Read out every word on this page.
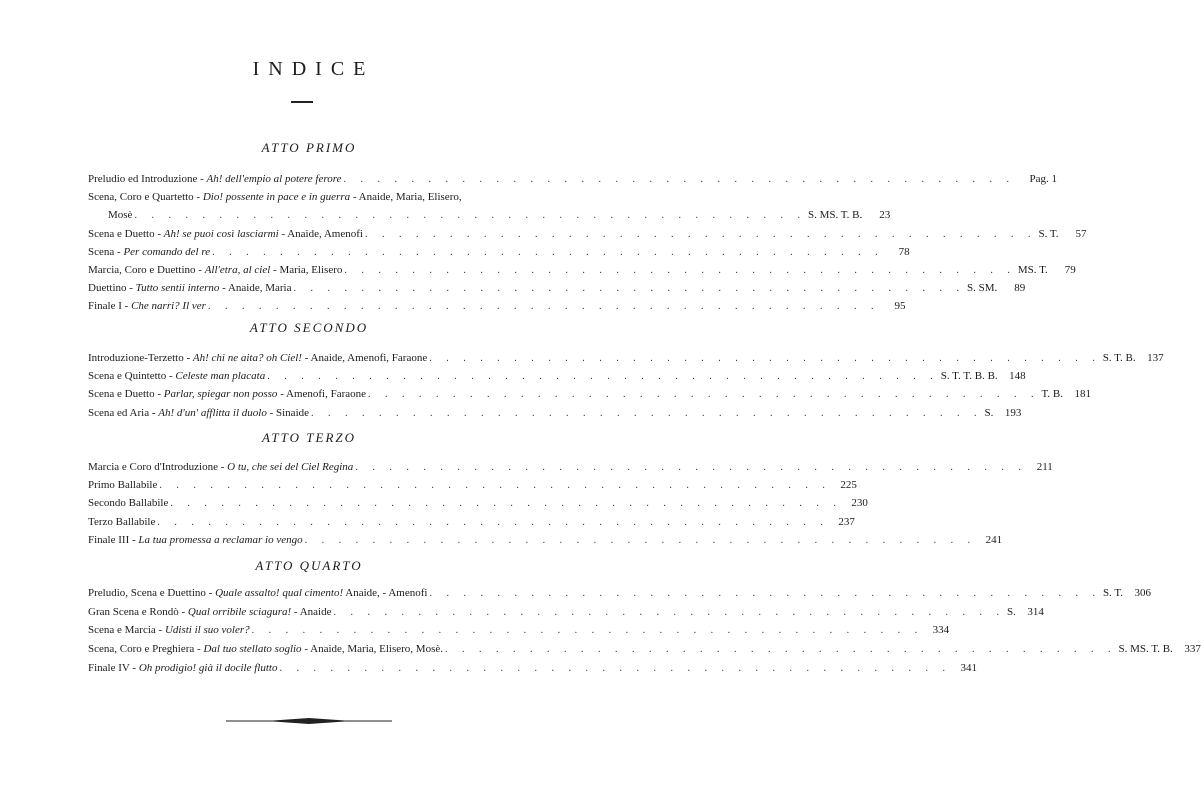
INDICE
ATTO PRIMO
Preludio ed Introduzione - Ah! dell'empio al potere ferore . . . . . . . . . . . . . . . . . . . . . . . . . . . . . . . . . . . . . . . .	Pag. 1
Scena, Coro e Quartetto - Dio! possente in pace e in guerra - Anaide, Maria, Elisero,
Mosè . . . . . . . . . . . . . . . . . . . . . . . . . . . . . . . . . . . . . . . . S. MS. T. B.	23
Scena e Duetto - Ah! se puoi così lasciarmi - Anaide, Amenofi . . . . . . . . . . . . . . . . . . . . . . . . . . . . . . . . . . . . . . . . S. T.	57
Scena - Per comando del re . . . . . . . . . . . . . . . . . . . . . . . . . . . . . . . . . . . . . . . .	78
Marcia, Coro e Duettino - All'etra, al ciel - Maria, Elisero . . . . . . . . . . . . . . . . . . . . . . . . . . . . . . . . . . . . . . . . MS. T.	79
Duettino - Tutto sentii interno - Anaide, Maria . . . . . . . . . . . . . . . . . . . . . . . . . . . . . . . . . . . . . . . . S. SM.	89
Finale I - Che narri? Il ver . . . . . . . . . . . . . . . . . . . . . . . . . . . . . . . . . . . . . . . .	95
ATTO SECONDO
Introduzione-Terzetto - Ah! chi ne aita? oh Ciel! - Anaide, Amenofi, Faraone . . . . . . . . . . . . . . . . . . . . . . . . . . . . . . . . . . . . . . . . S. T. B.	137
Scena e Quintetto - Celeste man placata . . . . . . . . . . . . . . . . . . . . . . . . . . . . . . . . . . . . . . . . S. T. T. B. B.	148
Scena e Duetto - Parlar, spiegar non posso - Amenofi, Faraone . . . . . . . . . . . . . . . . . . . . . . . . . . . . . . . . . . . . . . . . T. B.	181
Scena ed Aria - Ah! d'un' afflitta il duolo - Sinaide . . . . . . . . . . . . . . . . . . . . . . . . . . . . . . . . . . . . . . . . S.	193
ATTO TERZO
Marcia e Coro d'Introduzione - O tu, che sei del Ciel Regina . . . . . . . . . . . . . . . . . . . . . . . . . . . . . . . . . . . . . . . . 211
Primo Ballabile . . . . . . . . . . . . . . . . . . . . . . . . . . . . . . . . . . . . . . . . 225
Secondo Ballabile . . . . . . . . . . . . . . . . . . . . . . . . . . . . . . . . . . . . . . . . 230
Terzo Ballabile . . . . . . . . . . . . . . . . . . . . . . . . . . . . . . . . . . . . . . . . 237
Finale III - La tua promessa a reclamar io vengo . . . . . . . . . . . . . . . . . . . . . . . . . . . . . . . . . . . . . . . . 241
ATTO QUARTO
Preludio, Scena e Duettino - Quale assalto! qual cimento! Anaide, - Amenofi . . . . . . . . . . . . . . . . . . . . . . . . . . . . . . . . . . . . . . . . S. T.	306
Gran Scena e Rondò - Qual orribile sciagura! - Anaide . . . . . . . . . . . . . . . . . . . . . . . . . . . . . . . . . . . . . . . . S.	314
Scena e Marcia - Udisti il suo voler? . . . . . . . . . . . . . . . . . . . . . . . . . . . . . . . . . . . . . . . . 334
Scena, Coro e Preghiera - Dal tuo stellato soglio - Anaide, Maria, Elisero, Mosè. . . . . . . . . . . . . . . . . . . . . . . . . . . . . . . . . . . . . . . . . S. MS. T. B.	337
Finale IV - Oh prodigio! già il docile flutto . . . . . . . . . . . . . . . . . . . . . . . . . . . . . . . . . . . . . . . . 341
